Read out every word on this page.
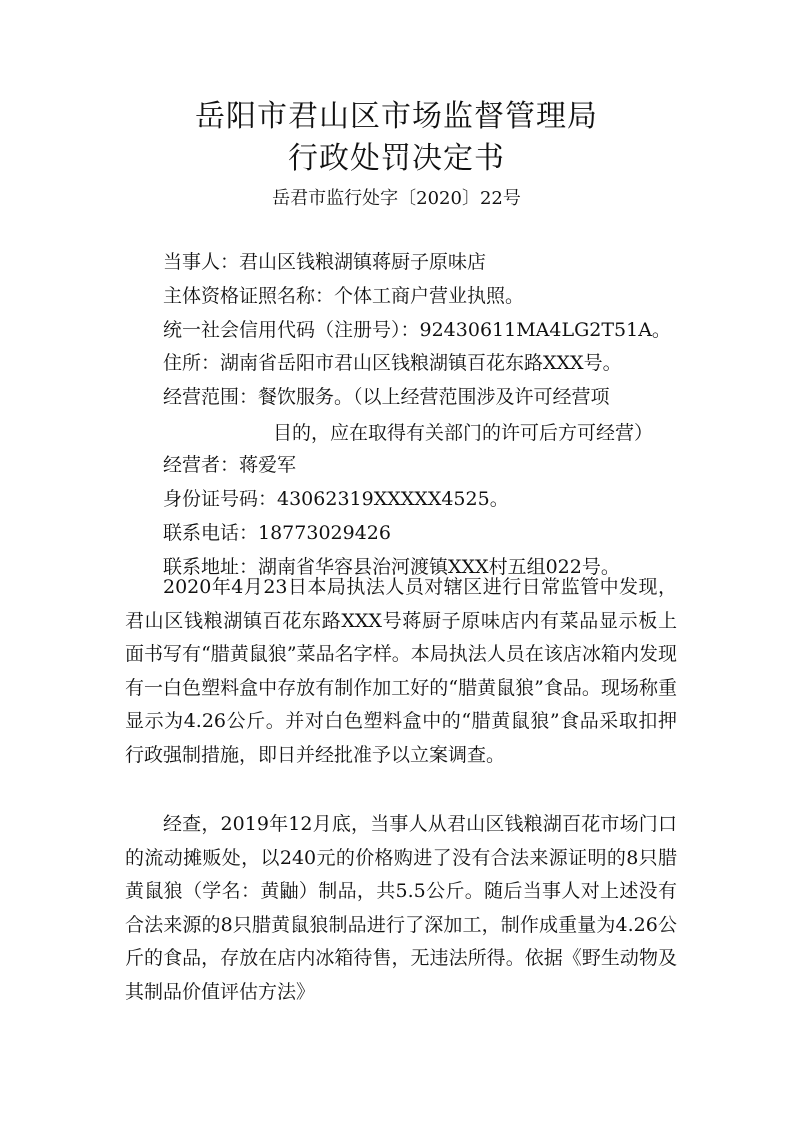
岳阳市君山区市场监督管理局
行政处罚决定书
岳君市监行处字〔2020〕22号
当事人：君山区钱粮湖镇蒋厨子原味店
主体资格证照名称：个体工商户营业执照。
统一社会信用代码（注册号）：92430611MA4LG2T51A。
住所：湖南省岳阳市君山区钱粮湖镇百花东路XXX号。
经营范围：餐饮服务。（以上经营范围涉及许可经营项
目的，应在取得有关部门的许可后方可经营）
经营者：蒋爱军
身份证号码：43062319XXXXX4525。
联系电话：18773029426
联系地址：湖南省华容县治河渡镇XXX村五组022号。

2020年4月23日本局执法人员对辖区进行日常监管中发现，君山区钱粮湖镇百花东路XXX号蒋厨子原味店内有菜品显示板上面书写有“腊黄鼠狼”菜品名字样。本局执法人员在该店冰箱内发现有一白色塑料盒中存放有制作加工好的“腊黄鼠狼”食品。现场称重显示为4.26公斤。并对白色塑料盒中的“腊黄鼠狼”食品采取扣押行政强制措施，即日并经批准予以立案调查。

经查，2019年12月底，当事人从君山区钱粮湖百花市场门口的流动摊贩处，以240元的价格购进了没有合法来源证明的8只腊黄鼠狼（学名：黄鼬）制品，共5.5公斤。随后当事人对上述没有合法来源的8只腊黄鼠狼制品进行了深加工，制作成重量为4.26公斤的食品，存放在店内冰箱待售，无违法所得。依据《野生动物及其制品价值评估方法》
